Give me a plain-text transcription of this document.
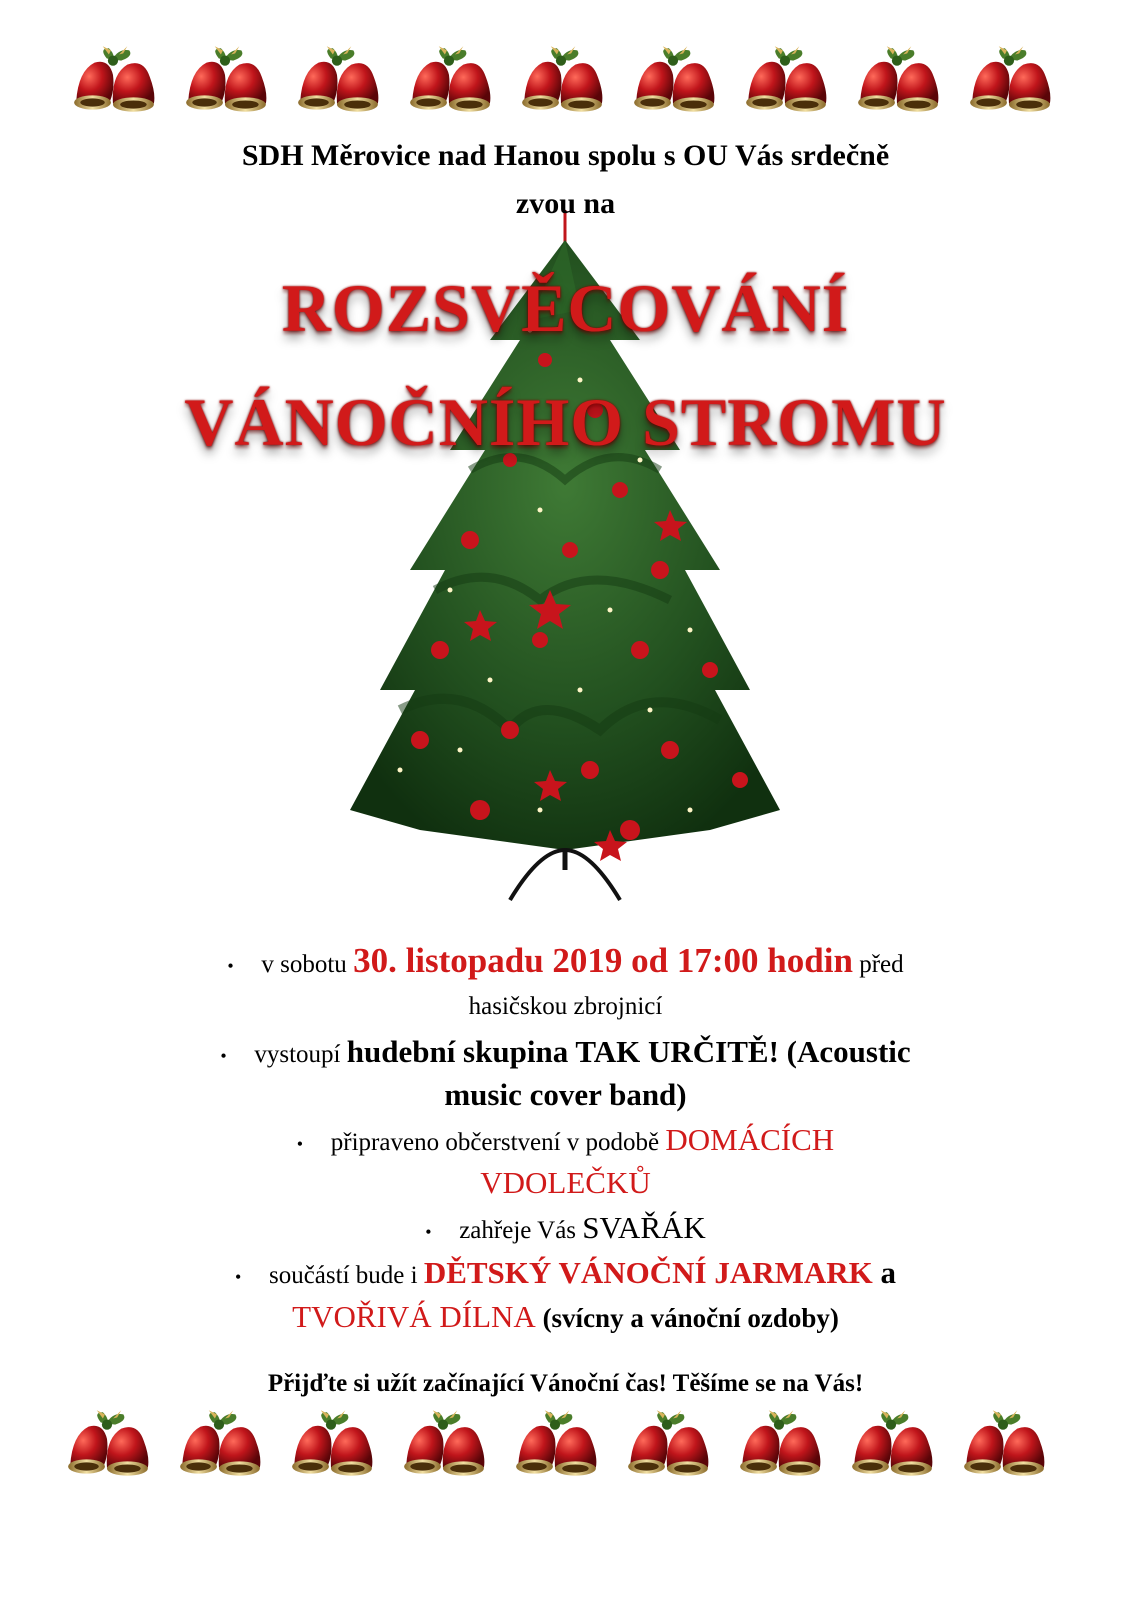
SDH Měrovice nad Hanou spolu s OU Vás srdečně
zvou na
ROZSVĚCOVÁNÍ
VÁNOČNÍHO STROMU
• v sobotu 30. listopadu 2019 od 17:00 hodin před
hasičskou zbrojnicí
• vystoupí hudební skupina TAK URČITĚ! (Acoustic
music cover band)
• připraveno občerstvení v podobě DOMÁCÍCH
VDOLEČKŮ
• zahřeje Vás SVAŘÁK
• součástí bude i DĚTSKÝ VÁNOČNÍ JARMARK a
TVOŘIVÁ DÍLNA (svícny a vánoční ozdoby)
Přijďte si užít začínající Vánoční čas! Těšíme se na Vás!
